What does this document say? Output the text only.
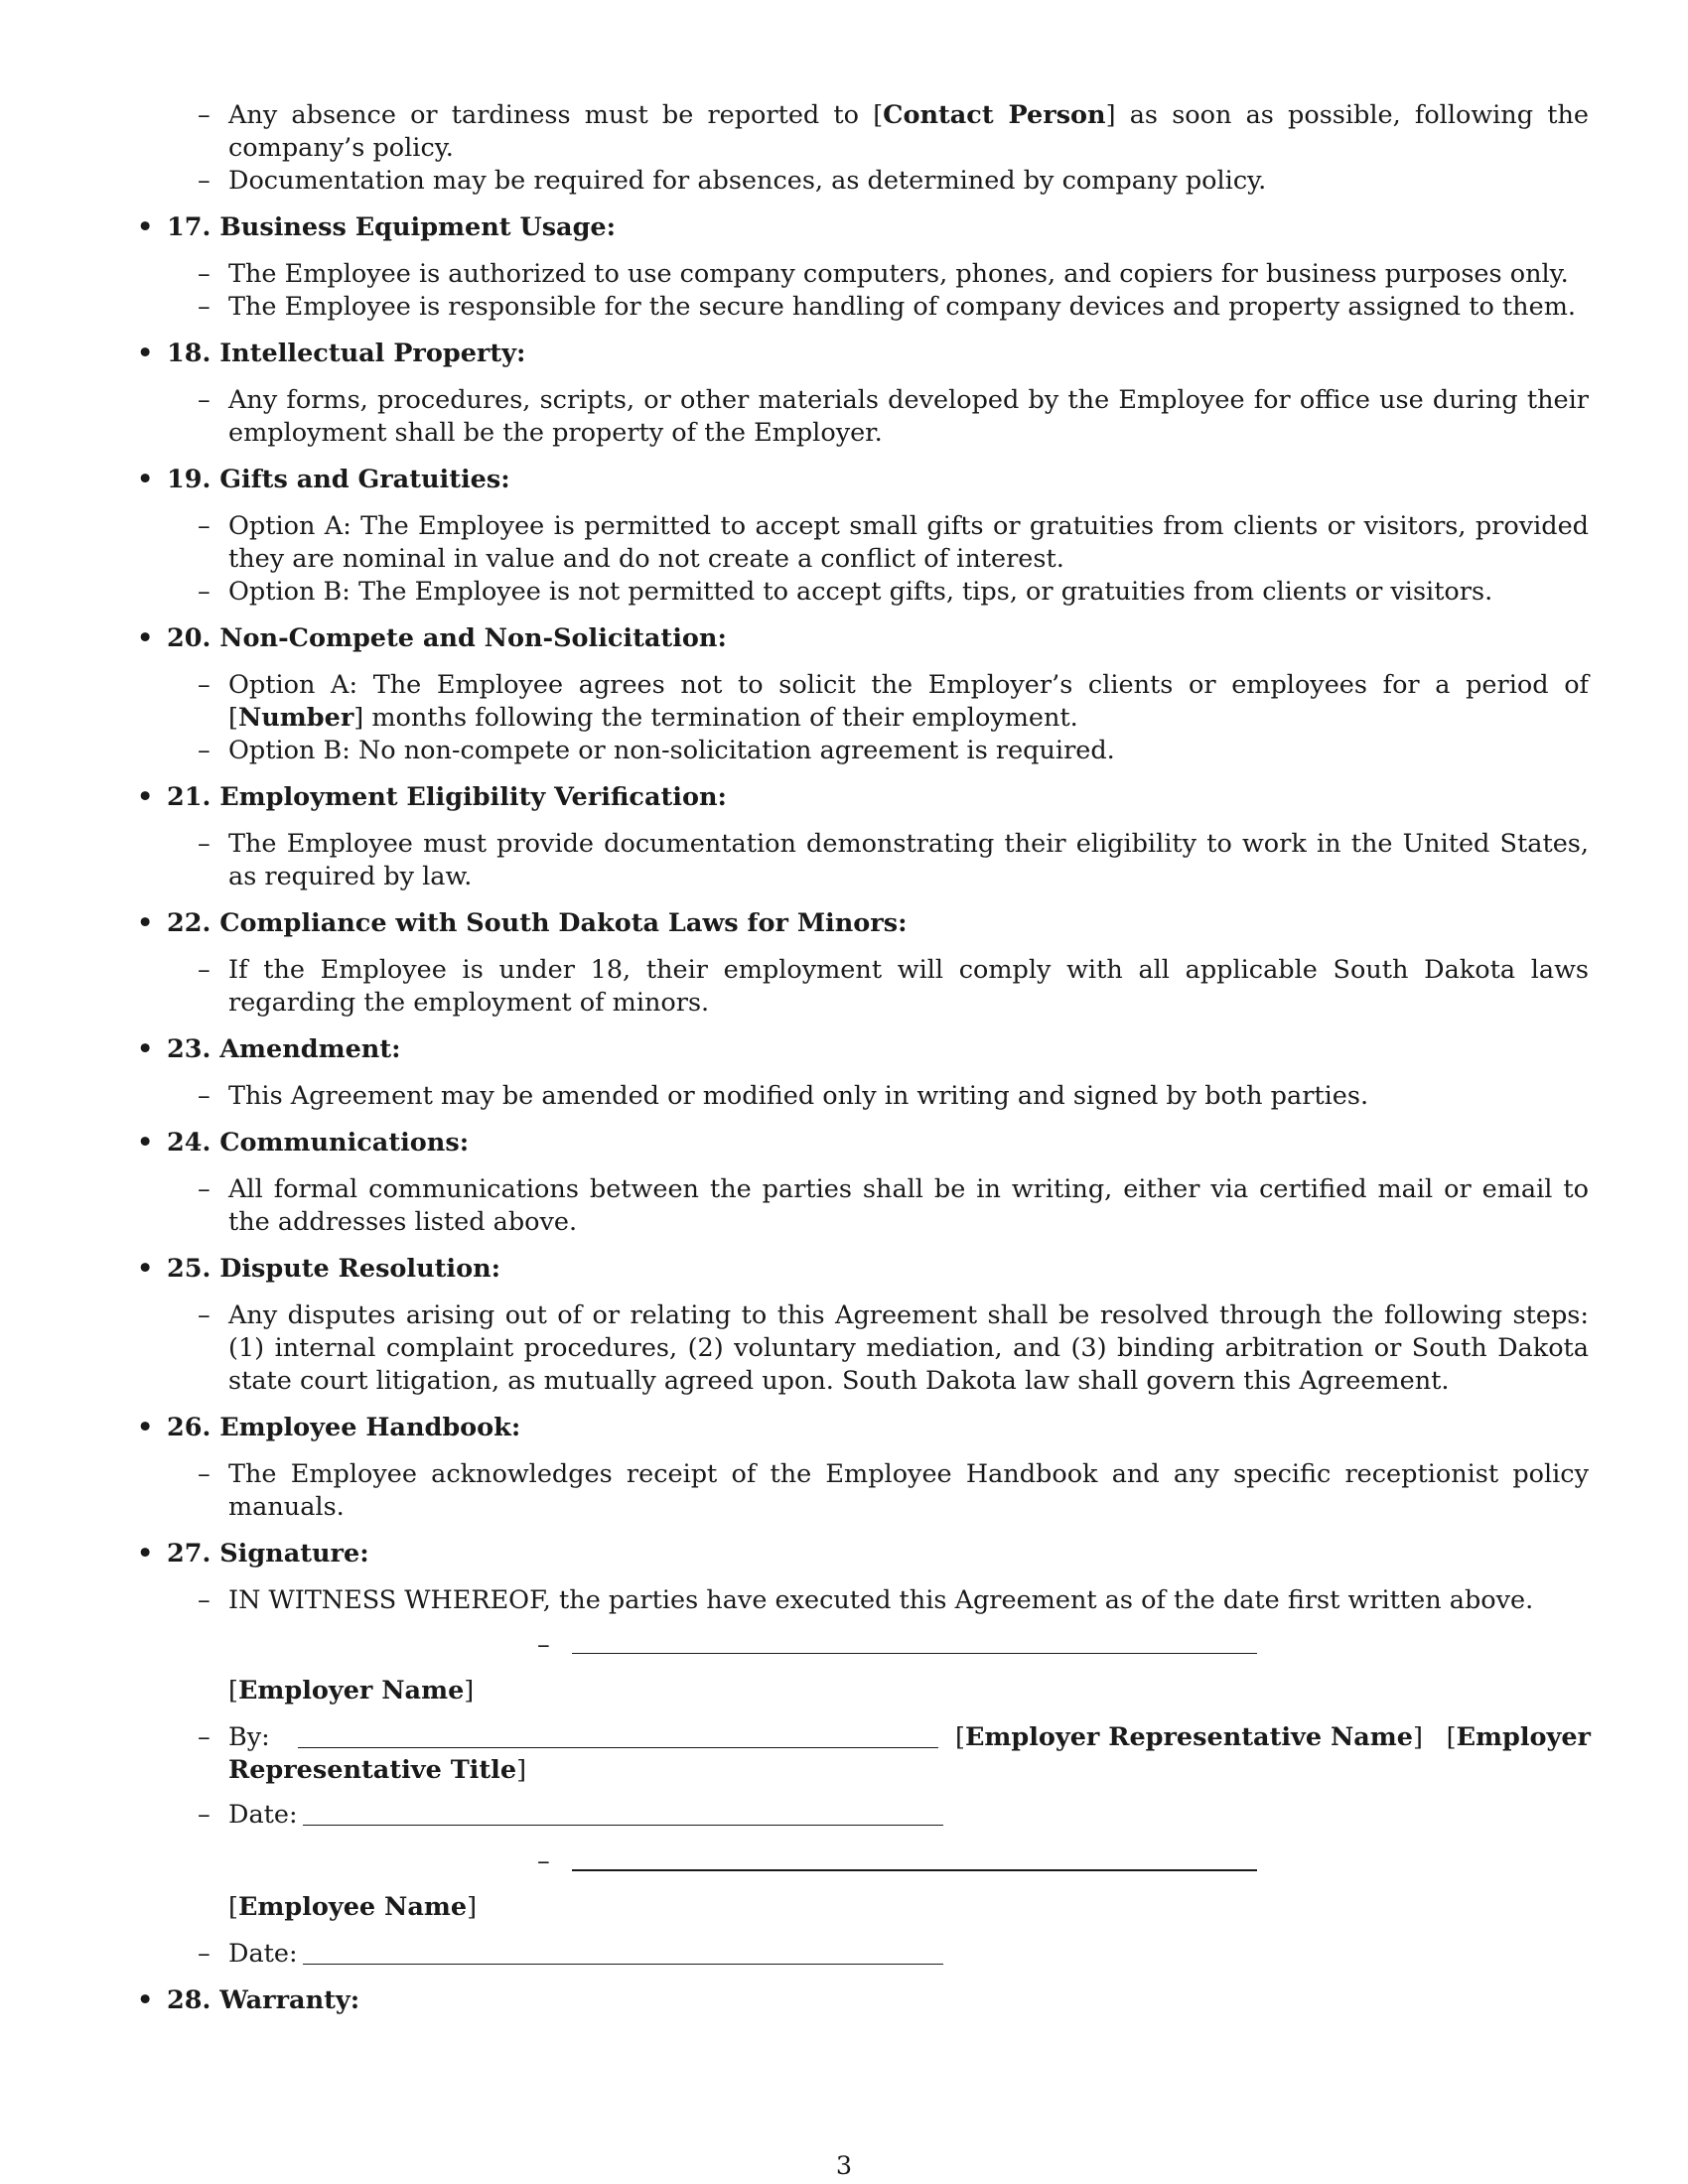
– Any absence or tardiness must be reported to [Contact Person] as soon as possible, following the company’s policy.
– Documentation may be required for absences, as determined by company policy.
• 17. Business Equipment Usage:
– The Employee is authorized to use company computers, phones, and copiers for business purposes only.
– The Employee is responsible for the secure handling of company devices and property assigned to them.
• 18. Intellectual Property:
– Any forms, procedures, scripts, or other materials developed by the Employee for office use during their employment shall be the property of the Employer.
• 19. Gifts and Gratuities:
– Option A: The Employee is permitted to accept small gifts or gratuities from clients or visitors, provided they are nominal in value and do not create a conflict of interest.
– Option B: The Employee is not permitted to accept gifts, tips, or gratuities from clients or visitors.
• 20. Non-Compete and Non-Solicitation:
– Option A: The Employee agrees not to solicit the Employer’s clients or employees for a period of [Number] months following the termination of their employment.
– Option B: No non-compete or non-solicitation agreement is required.
• 21. Employment Eligibility Verification:
– The Employee must provide documentation demonstrating their eligibility to work in the United States, as required by law.
• 22. Compliance with South Dakota Laws for Minors:
– If the Employee is under 18, their employment will comply with all applicable South Dakota laws regarding the employment of minors.
• 23. Amendment:
– This Agreement may be amended or modified only in writing and signed by both parties.
• 24. Communications:
– All formal communications between the parties shall be in writing, either via certified mail or email to the addresses listed above.
• 25. Dispute Resolution:
– Any disputes arising out of or relating to this Agreement shall be resolved through the following steps: (1) internal complaint procedures, (2) voluntary mediation, and (3) binding arbitration or South Dakota state court litigation, as mutually agreed upon. South Dakota law shall govern this Agreement.
• 26. Employee Handbook:
– The Employee acknowledges receipt of the Employee Handbook and any specific receptionist policy manuals.
• 27. Signature:
– IN WITNESS WHEREOF, the parties have executed this Agreement as of the date first written above.
–
[Employer Name]
– By:	[ Employer Representative Name ] [ Employer

Representative Title]
– Date:
–
[Employee Name]
– Date:
• 28. Warranty:
3
